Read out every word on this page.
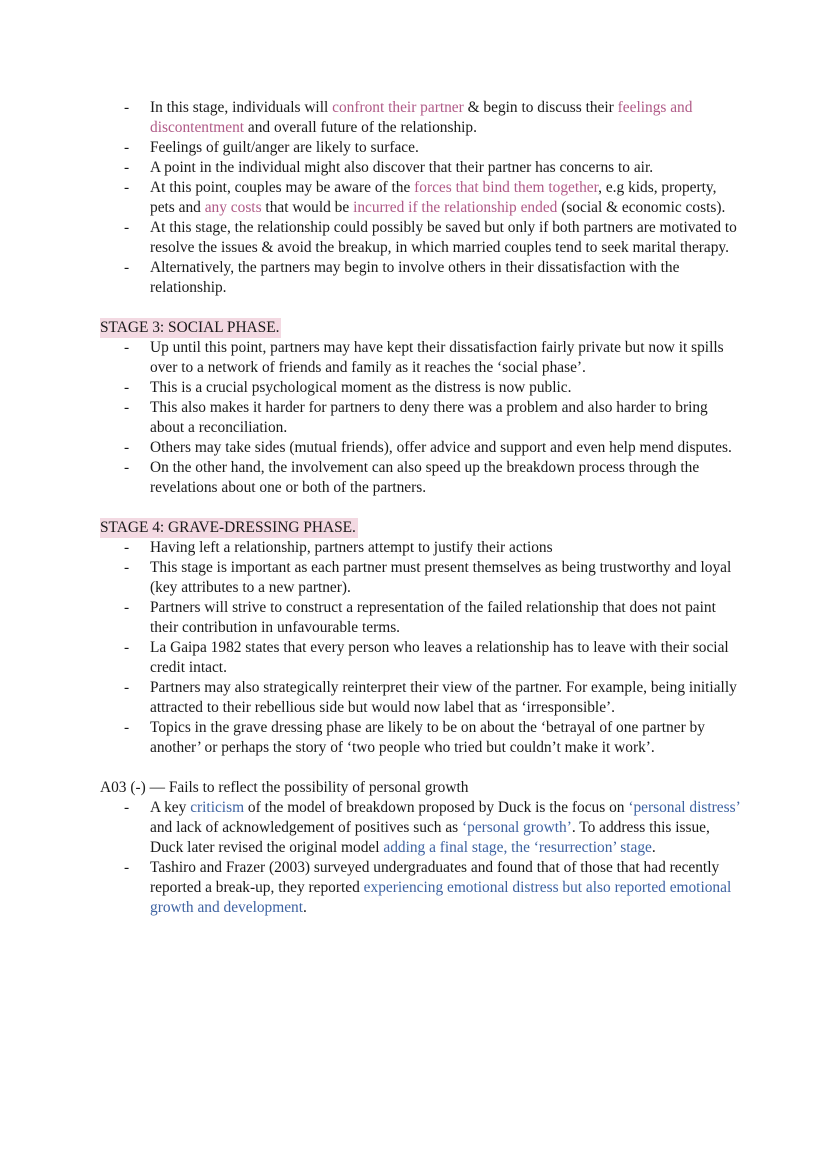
- In this stage, individuals will confront their partner & begin to discuss their feelings and discontentment and overall future of the relationship.
- Feelings of guilt/anger are likely to surface.
- A point in the individual might also discover that their partner has concerns to air.
- At this point, couples may be aware of the forces that bind them together, e.g kids, property, pets and any costs that would be incurred if the relationship ended (social & economic costs).
- At this stage, the relationship could possibly be saved but only if both partners are motivated to resolve the issues & avoid the breakup, in which married couples tend to seek marital therapy.
- Alternatively, the partners may begin to involve others in their dissatisfaction with the relationship.
STAGE 3: SOCIAL PHASE.
- Up until this point, partners may have kept their dissatisfaction fairly private but now it spills over to a network of friends and family as it reaches the ‘social phase’.
- This is a crucial psychological moment as the distress is now public.
- This also makes it harder for partners to deny there was a problem and also harder to bring about a reconciliation.
- Others may take sides (mutual friends), offer advice and support and even help mend disputes.
- On the other hand, the involvement can also speed up the breakdown process through the revelations about one or both of the partners.
STAGE 4: GRAVE-DRESSING PHASE.
- Having left a relationship, partners attempt to justify their actions
- This stage is important as each partner must present themselves as being trustworthy and loyal (key attributes to a new partner).
- Partners will strive to construct a representation of the failed relationship that does not paint their contribution in unfavourable terms.
- La Gaipa 1982 states that every person who leaves a relationship has to leave with their social credit intact.
- Partners may also strategically reinterpret their view of the partner. For example, being initially attracted to their rebellious side but would now label that as ‘irresponsible’.
- Topics in the grave dressing phase are likely to be on about the ‘betrayal of one partner by another’ or perhaps the story of ‘two people who tried but couldn’t make it work’.
A03 (-) — Fails to reflect the possibility of personal growth
- A key criticism of the model of breakdown proposed by Duck is the focus on ‘personal distress’ and lack of acknowledgement of positives such as ‘personal growth’. To address this issue, Duck later revised the original model adding a final stage, the ‘resurrection’ stage.
- Tashiro and Frazer (2003) surveyed undergraduates and found that of those that had recently reported a break-up, they reported experiencing emotional distress but also reported emotional growth and development.
